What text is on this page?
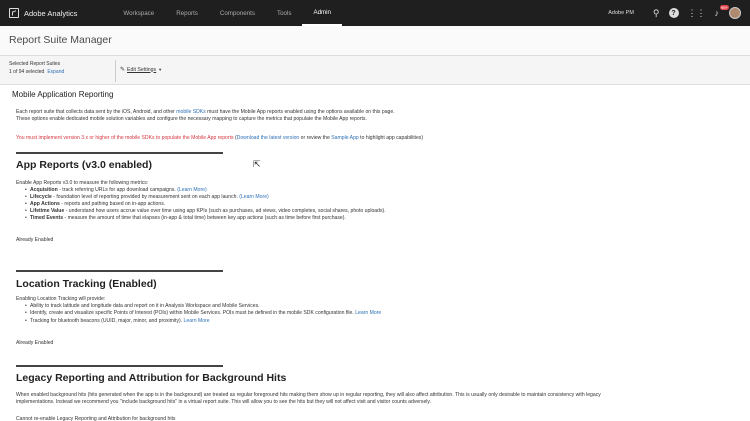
Adobe Analytics	Workspace	Reports	Components	Tools	Admin	Adobe PM ⚲	?	⋮⋮ ♪
99+
Report Suite Manager
Selected Report Suites
1 of 94 selected Expand	✎ Edit Settings ▼
Mobile Application Reporting
Each report suite that collects data sent by the iOS, Android, and other mobile SDKs must have the Mobile App reports enabled using the options available on this page.
These options enable dedicated mobile solution variables and configure the necessary mapping to capture the metrics that populate the Mobile App reports.
You must implement version 3.x or higher of the mobile SDKs to populate the Mobile App reports (Download the latest version or review the Sample App to highlight app capabilities)
App Reports (v3.0 enabled)
Enable App Reports v3.0 to measure the following metrics:
• Acquisition - track referring URLs for app download campaigns. (Learn More)
• Lifecycle - foundation level of reporting provided by measurement sent on each app launch. (Learn More)
• App Actions - reports and pathing based on in-app actions.
• Lifetime Value - understand how users accrue value over time using app KPIs (such as purchases, ad views, video completes, social shares, photo uploads).
• Timed Events - measure the amount of time that elapses (in-app & total time) between key app actions (such as time before first purchase).
Already Enabled
Location Tracking (Enabled)
Enabling Location Tracking will provide:
• Ability to track latitude and longitude data and report on it in Analysis Workspace and Mobile Services.
• Identify, create and visualize specific Points of Interest (POIs) within Mobile Services. POIs must be defined in the mobile SDK configuration file. Learn More
• Tracking for bluetooth beacons (UUID, major, minor, and proximity). Learn More
Already Enabled
Legacy Reporting and Attribution for Background Hits
When enabled background hits (hits generated when the app is in the background) are treated as regular foreground hits making them show up in regular reporting, they will also affect attribution. This is usually only desirable to maintain consistency with legacy
implementations. Instead we recommend you "include background hits" in a virtual report suite. This will allow you to see the hits but they will not affect visit and visitor counts adversely.
Cannot re-enable Legacy Reporting and Attribution for background hits
⇱
